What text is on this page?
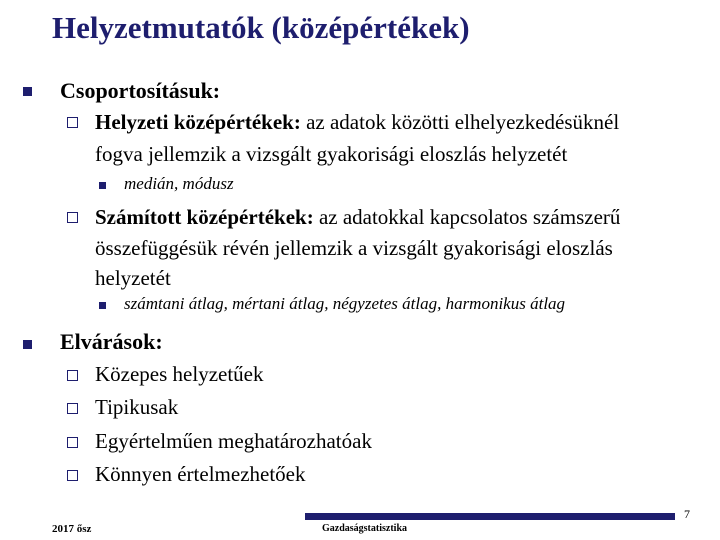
Helyzetmutatók (középértékek)
Csoportosításuk:
Helyzeti középértékek: az adatok közötti elhelyezkedésüknél
fogva jellemzik a vizsgált gyakorisági eloszlás helyzetét
medián, módusz
Számított középértékek: az adatokkal kapcsolatos számszerű
összefüggésük révén jellemzik a vizsgált gyakorisági eloszlás
helyzetét
számtani átlag, mértani átlag, négyzetes átlag, harmonikus átlag
Elvárások:
Közepes helyzetűek
Tipikusak
Egyértelműen meghatározhatóak
Könnyen értelmezhetőek
7
2017 ősz	Gazdaságstatisztika
